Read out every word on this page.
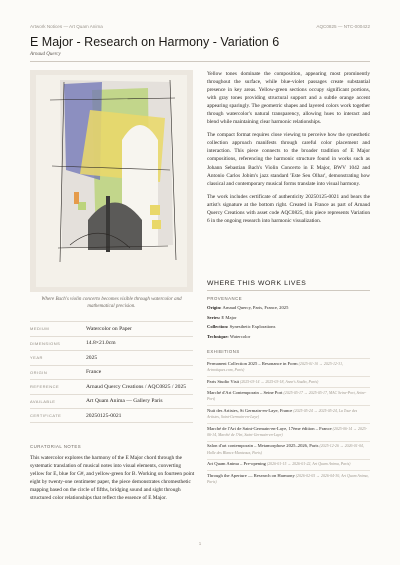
Artwork Notices — Art Quam Anima	AQC0825 — NTC-000422
E Major - Research on Harmony - Variation 6
Arnaud Quercy
Where Bach's violin concerto becomes visible through watercolor and mathematical precision.
MEDIUM	Watercolor on Paper
DIMENSIONS	14.8×21.0cm
YEAR	2025
ORIGIN	France
REFERENCE	Arnaud Quercy Creations / AQC0825 / 2025
AVAILABLE	Art Quam Anima — Gallery Paris
CERTIFICATE	20250125-0021
CURATORIAL NOTES
This watercolor explores the harmony of the E Major chord through the systematic translation of musical notes into visual elements, converting yellow for E, blue for G#, and yellow-green for B. Working on fourteen point eight by twenty-one centimeter paper, the piece demonstrates chromesthetic mapping based on the circle of fifths, bridging sound and sight through structured color relationships that reflect the essence of E Major.

Yellow tones dominate the composition, appearing most prominently throughout the surface, while blue-violet passages create substantial presence in key areas. Yellow-green sections occupy significant portions, with gray tones providing structural support and a subtle orange accent appearing sparingly. The geometric shapes and layered colors work together through watercolor's natural transparency, allowing hues to interact and blend while maintaining clear harmonic relationships.

The compact format requires close viewing to perceive how the synesthetic collection approach manifests through careful color placement and interaction. This piece connects to the broader tradition of E Major compositions, referencing the harmonic structure found in works such as Johann Sebastian Bach's Violin Concerto in E Major, BWV 1042 and Antonio Carlos Jobim's jazz standard 'Este Seu Olhar', demonstrating how classical and contemporary musical forms translate into visual harmony.

The work includes certificate of authenticity 20250125-0021 and bears the artist's signature at the bottom right. Created in France as part of Arnaud Quercy Creations with asset code AQC0825, this piece represents Variation 6 in the ongoing research into harmonic visualization.

WHERE THIS WORK LIVES
PROVENANCE
Origin: Arnaud Quercy, Paris, France, 2025
Series: E Major
Collection: Synesthetic Explorations
Technique: Watercolor
EXHIBITIONS
Permanent Collection 2025 – Resonance in Form(2025-01-10 → 2025-12-31, Artnotiques.com, Paris)
Paris Studio Visit(2025-03-14 → 2025-03-18, Anne's Studio, Paris)
Marché d'Art Contemporain – Seine Port(2025-05-17 → 2025-05-17, MAC Seine-Port, Seine-Port)
Nuit des Artistes, St Germain-en-Laye, France(2025-05-24 → 2025-05-24, La Tour des Artistes, Saint-Germain-en-Laye)
Marché de l'Art de Saint-Germain-en-Laye, 17ème édition – France(2025-06-14 → 2025-06-14, Marché de l'Art, Saint-Germain-en-Laye)
Salon d'art contemporain – Metamorphose 2025–2026, Paris(2025-12-26 → 2026-01-04, Halle des Blancs-Manteaux, Paris)
Art Quam Anima – Pre-opening(2026-01-15 → 2026-01-22, Art Quam Anima, Paris)
Through the Aperture — Research on Harmony(2026-02-05 → 2026-04-30, Art Quam Anima, Paris)
1
